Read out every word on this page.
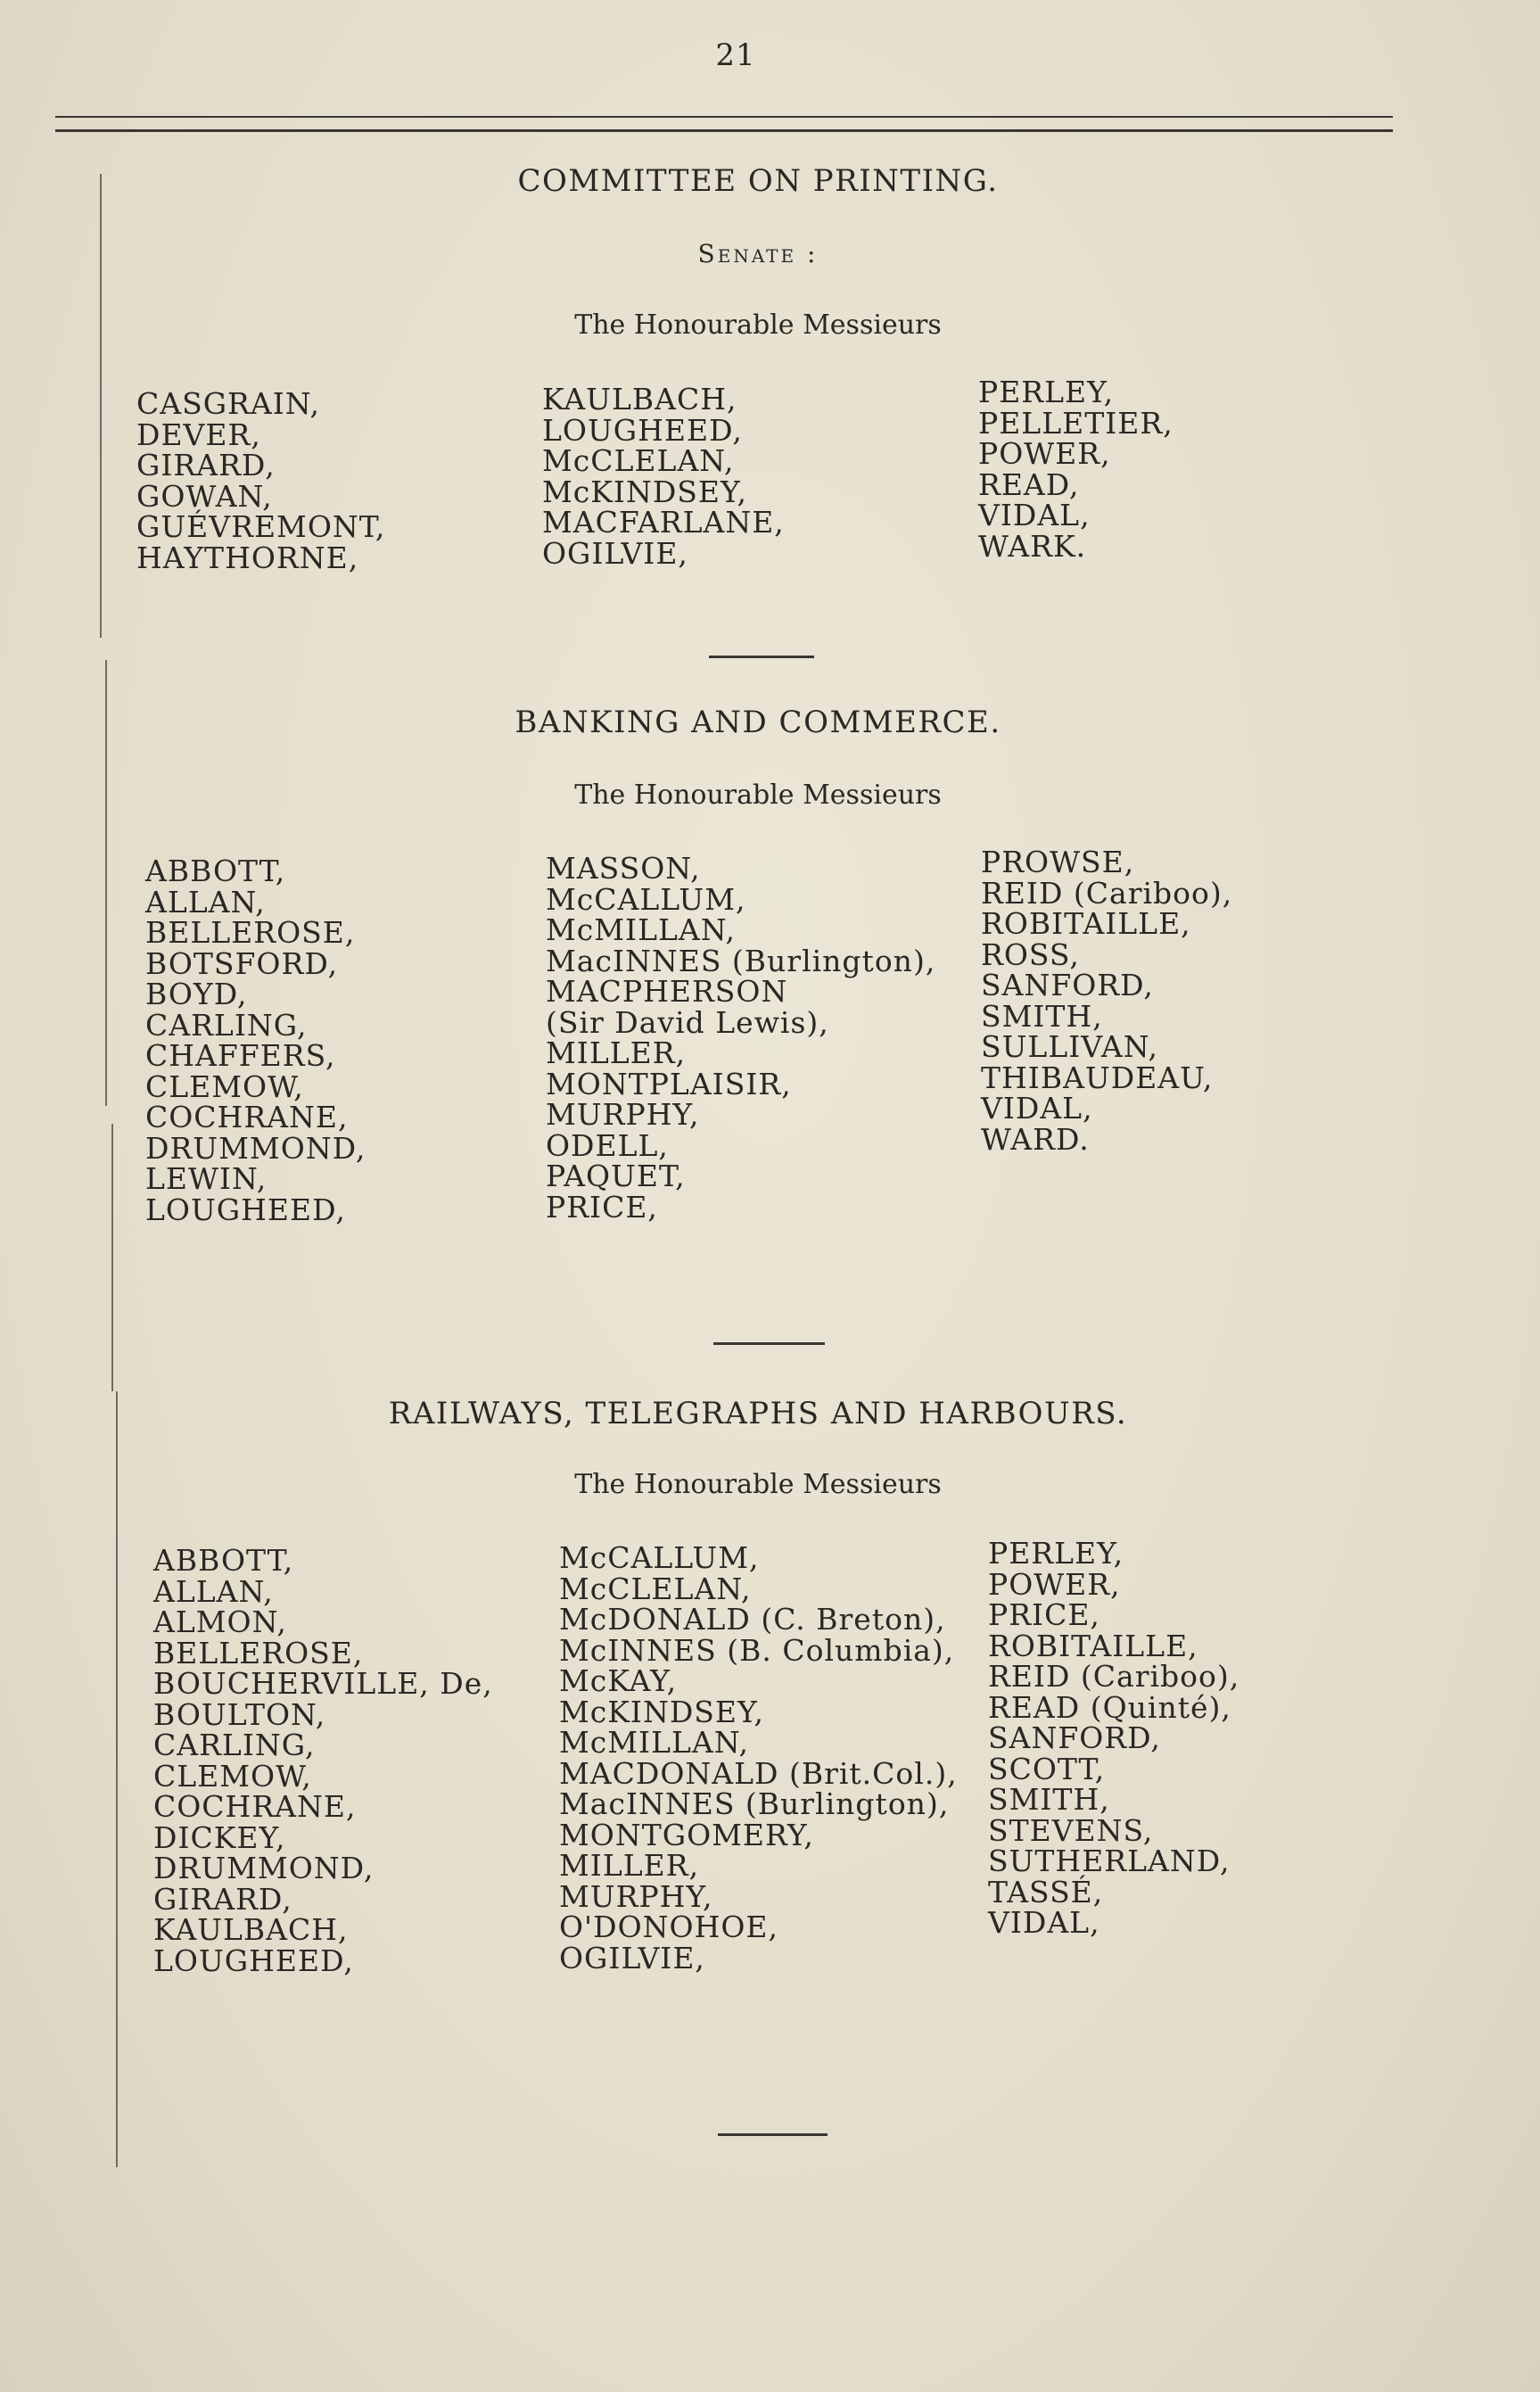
21
COMMITTEE ON PRINTING.
Senate :
The Honourable Messieurs
CASGRAIN,
DEVER,
GIRARD,
GOWAN,
GUÉVREMONT,
HAYTHORNE,
KAULBACH,
LOUGHEED,
McCLELAN,
McKINDSEY,
MACFARLANE,
OGILVIE,
PERLEY,
PELLETIER,
POWER,
READ,
VIDAL,
WARK.
BANKING AND COMMERCE.
The Honourable Messieurs
ABBOTT,
ALLAN,
BELLEROSE,
BOTSFORD,
BOYD,
CARLING,
CHAFFERS,
CLEMOW,
COCHRANE,
DRUMMOND,
LEWIN,
LOUGHEED,
MASSON,
McCALLUM,
McMILLAN,
MacINNES (Burlington),
MACPHERSON
(Sir David Lewis),
MILLER,
MONTPLAISIR,
MURPHY,
ODELL,
PAQUET,
PRICE,
PROWSE,
REID (Cariboo),
ROBITAILLE,
ROSS,
SANFORD,
SMITH,
SULLIVAN,
THIBAUDEAU,
VIDAL,
WARD.
RAILWAYS, TELEGRAPHS AND HARBOURS.
The Honourable Messieurs
ABBOTT,
ALLAN,
ALMON,
BELLEROSE,
BOUCHERVILLE, De,
BOULTON,
CARLING,
CLEMOW,
COCHRANE,
DICKEY,
DRUMMOND,
GIRARD,
KAULBACH,
LOUGHEED,
McCALLUM,
McCLELAN,
McDONALD (C. Breton),
McINNES (B. Columbia),
McKAY,
McKINDSEY,
McMILLAN,
MACDONALD (Brit.Col.),
MacINNES (Burlington),
MONTGOMERY,
MILLER,
MURPHY,
O'DONOHOE,
OGILVIE,
PERLEY,
POWER,
PRICE,
ROBITAILLE,
REID (Cariboo),
READ (Quinté),
SANFORD,
SCOTT,
SMITH,
STEVENS,
SUTHERLAND,
TASSÉ,
VIDAL,
